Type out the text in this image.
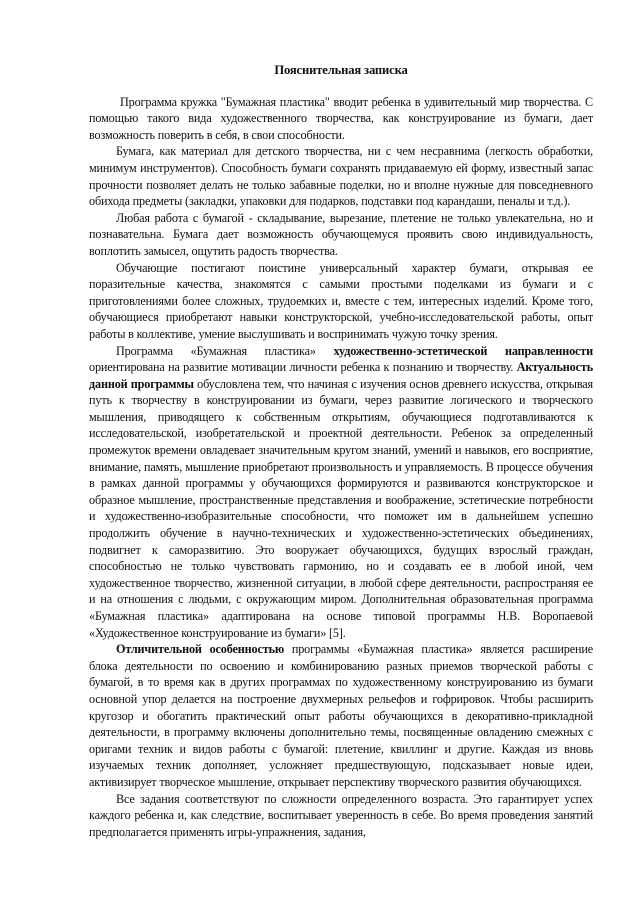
Пояснительная записка

Программа кружка "Бумажная пластика" вводит ребенка в удивительный мир творчества. С помощью такого вида художественного творчества, как конструирование из бумаги, дает возможность поверить в себя, в свои способности.

Бумага, как материал для детского творчества, ни с чем несравнима (легкость обработки, минимум инструментов). Способность бумаги сохранять придаваемую ей форму, известный запас прочности позволяет делать не только забавные поделки, но и вполне нужные для повседневного обихода предметы (закладки, упаковки для подарков, подставки под карандаши, пеналы и т.д.).

Любая работа с бумагой - складывание, вырезание, плетение не только увлекательна, но и познавательна. Бумага дает возможность обучающемуся проявить свою индивидуальность, воплотить замысел, ощутить радость творчества.

Обучающие постигают поистине универсальный характер бумаги, открывая ее поразительные качества, знакомятся с самыми простыми поделками из бумаги и с приготовлениями более сложных, трудоемких и, вместе с тем, интересных изделий. Кроме того, обучающиеся приобретают навыки конструкторской, учебно-исследовательской работы, опыт работы в коллективе, умение выслушивать и воспринимать чужую точку зрения.

Программа «Бумажная пластика» художественно-эстетической направленности ориентирована на развитие мотивации личности ребенка к познанию и творчеству. Актуальность данной программы обусловлена тем, что начиная с изучения основ древнего искусства, открывая путь к творчеству в конструировании из бумаги, через развитие логического и творческого мышления, приводящего к собственным открытиям, обучающиеся подготавливаются к исследовательской, изобретательской и проектной деятельности. Ребенок за определенный промежуток времени овладевает значительным кругом знаний, умений и навыков, его восприятие, внимание, память, мышление приобретают произвольность и управляемость. В процессе обучения в рамках данной программы у обучающихся формируются и развиваются конструкторское и образное мышление, пространственные представления и воображение, эстетические потребности и художественно-изобразительные способности, что поможет им в дальнейшем успешно продолжить обучение в научно-технических и художественно-эстетических объединениях, подвигнет к саморазвитию. Это вооружает обучающихся, будущих взрослый граждан, способностью не только чувствовать гармонию, но и создавать ее в любой иной, чем художественное творчество, жизненной ситуации, в любой сфере деятельности, распространяя ее и на отношения с людьми, с окружающим миром. Дополнительная образовательная программа «Бумажная пластика» адаптирована на основе типовой программы Н.В. Воропаевой «Художественное конструирование из бумаги» [5].

Отличительной особенностью программы «Бумажная пластика» является расширение блока деятельности по освоению и комбинированию разных приемов творческой работы с бумагой, в то время как в других программах по художественному конструированию из бумаги основной упор делается на построение двухмерных рельефов и гофрировок. Чтобы расширить кругозор и обогатить практический опыт работы обучающихся в декоративно-прикладной деятельности, в программу включены дополнительно темы, посвященные овладению смежных с оригами техник и видов работы с бумагой: плетение, квиллинг и другие. Каждая из вновь изучаемых техник дополняет, усложняет предшествующую, подсказывает новые идеи, активизирует творческое мышление, открывает перспективу творческого развития обучающихся.

Все задания соответствуют по сложности определенного возраста. Это гарантирует успех каждого ребенка и, как следствие, воспитывает уверенность в себе. Во время проведения занятий предполагается применять игры-упражнения, задания,
